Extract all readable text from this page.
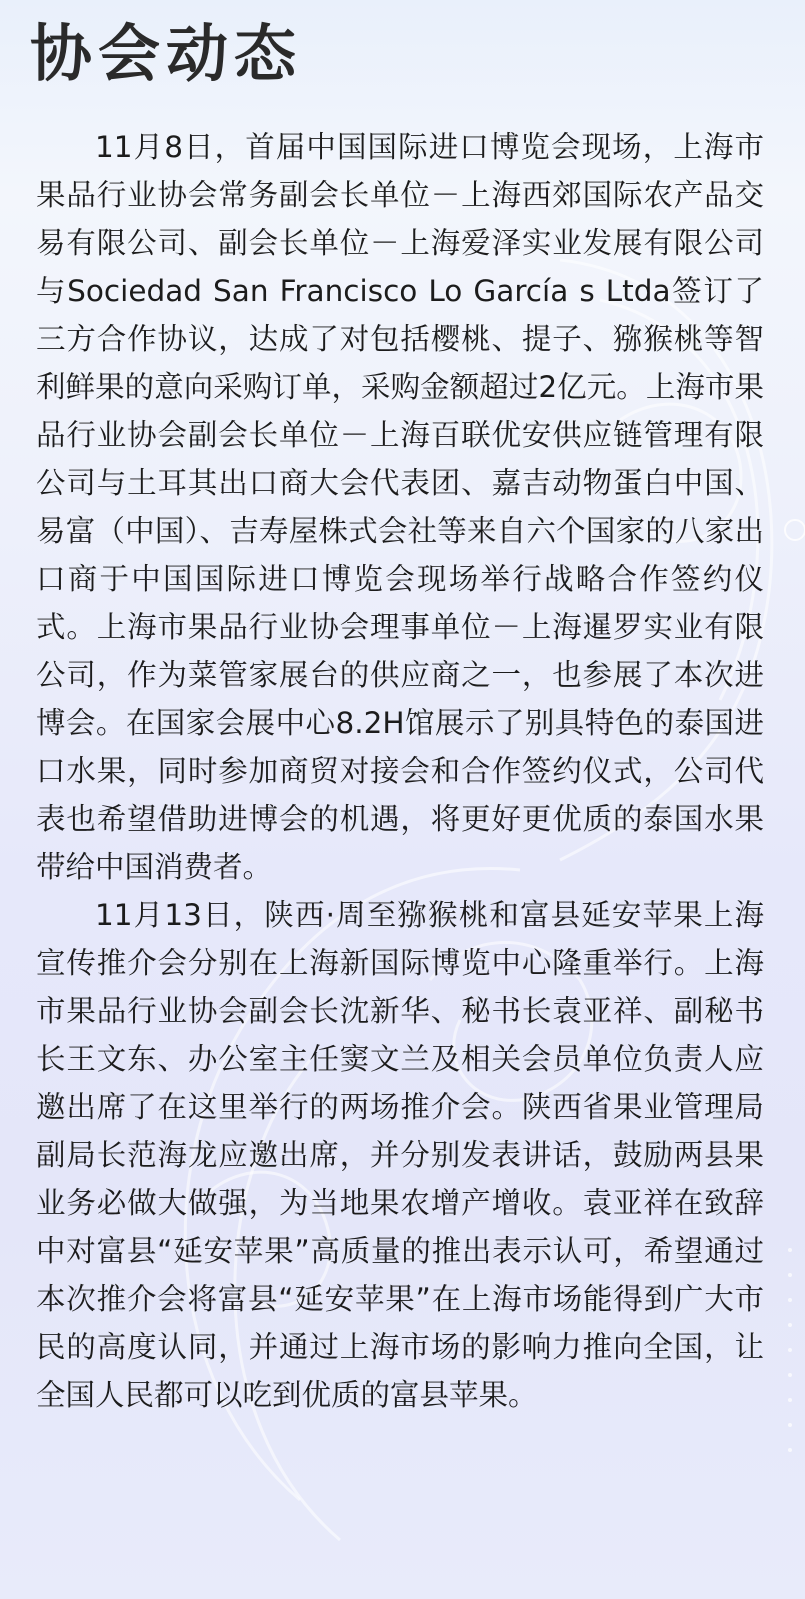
协会动态

11月8日，首届中国国际进口博览会现场，上海市果品行业协会常务副会长单位－上海西郊国际农产品交易有限公司、副会长单位－上海爱泽实业发展有限公司与Sociedad San Francisco Lo García s Ltda签订了三方合作协议，达成了对包括樱桃、提子、猕猴桃等智利鲜果的意向采购订单，采购金额超过2亿元。上海市果品行业协会副会长单位－上海百联优安供应链管理有限公司与土耳其出口商大会代表团、嘉吉动物蛋白中国、易富（中国）、吉寿屋株式会社等来自六个国家的八家出口商于中国国际进口博览会现场举行战略合作签约仪式。上海市果品行业协会理事单位－上海暹罗实业有限公司，作为菜管家展台的供应商之一，也参展了本次进博会。在国家会展中心8.2H馆展示了别具特色的泰国进口水果，同时参加商贸对接会和合作签约仪式，公司代表也希望借助进博会的机遇，将更好更优质的泰国水果带给中国消费者。

11月13日，陕西·周至猕猴桃和富县延安苹果上海宣传推介会分别在上海新国际博览中心隆重举行。上海市果品行业协会副会长沈新华、秘书长袁亚祥、副秘书长王文东、办公室主任窦文兰及相关会员单位负责人应邀出席了在这里举行的两场推介会。陕西省果业管理局副局长范海龙应邀出席，并分别发表讲话，鼓励两县果业务必做大做强，为当地果农增产增收。袁亚祥在致辞中对富县“延安苹果”高质量的推出表示认可，希望通过本次推介会将富县“延安苹果”在上海市场能得到广大市民的高度认同，并通过上海市场的影响力推向全国，让全国人民都可以吃到优质的富县苹果。
